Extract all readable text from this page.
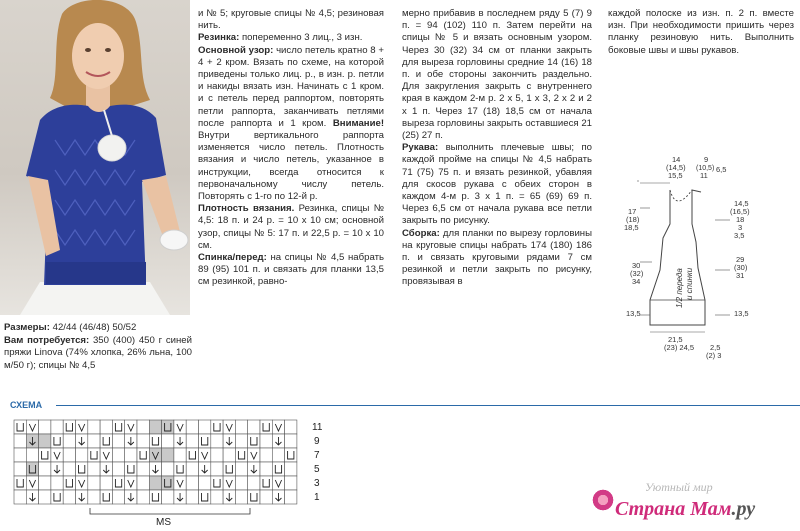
и № 5; круговые спицы № 4,5; резиновая нить.

Резинка: попеременно 3 лиц., 3 изн.

Основной узор: число петель кратно 8 + 4 + 2 кром. Вязать по схеме, на которой приведены только лиц. р., в изн. р. петли и накиды вязать изн. Начинать с 1 кром. и с петель перед раппортом, повторять петли раппорта, заканчивать петлями после раппорта и 1 кром. Внимание! Внутри вертикального раппорта изменяется число петель. Плотность вязания и число петель, указанное в инструкции, всегда относится к первоначальному числу петель. Повторять с 1-го по 12-й р.

Плотность вязания. Резинка, спицы № 4,5: 18 п. и 24 р. = 10 х 10 см; основной узор, спицы № 5: 17 п. и 22,5 р. = 10 х 10 см.

Спинка/перед: на спицы № 4,5 набрать 89 (95) 101 п. и связать для планки 13,5 см резинкой, равно-

мерно прибавив в последнем ряду 5 (7) 9 п. = 94 (102) 110 п. Затем перейти на спицы № 5 и вязать основным узором. Через 30 (32) 34 см от планки закрыть для выреза горловины средние 14 (16) 18 п. и обе стороны закончить раздельно. Для закругления закрыть с внутреннего края в каждом 2-м р. 2 х 5, 1 х 3, 2 х 2 и 2 х 1 п. Через 17 (18) 18,5 см от начала выреза горловины закрыть оставшиеся 21 (25) 27 п.

Рукава: выполнить плечевые швы; по каждой пройме на спицы № 4,5 набрать 71 (75) 75 п. и вязать резинкой, убавляя для скосов рукава с обеих сторон в каждом 4-м р. 3 х 1 п. = 65 (69) 69 п. Через 6,5 см от начала рукава все петли закрыть по рисунку.

Сборка: для планки по вырезу горловины на круговые спицы набрать 174 (180) 186 п. и связать круговыми рядами 7 см резинкой и петли закрыть по рисунку, провязывая в

каждой полоске из изн. п. 2 п. вместе изн. При необходимости пришить через планку резиновую нить. Выполнить боковые швы и швы рукавов.

14
(14,5)
15,5
9
(10,5)
11
6,5
17
(18)
18,5
30
(32)
34
13,5
14,5
(16,5)
18
3
3,5
29
(30)
31
13,5
21,5
(23) 24,5 2,5
(2) 3
1/2 переда и спинки

Размеры: 42/44 (46/48) 50/52

Вам потребуется: 350 (400) 450 г синей пряжи Linova (74% хлопка, 26% льна, 100 м/50 г); спицы № 4,5

СХЕМА
11
9
7
5
3
1
MS
Уютный мир
Страна Мам.ру
